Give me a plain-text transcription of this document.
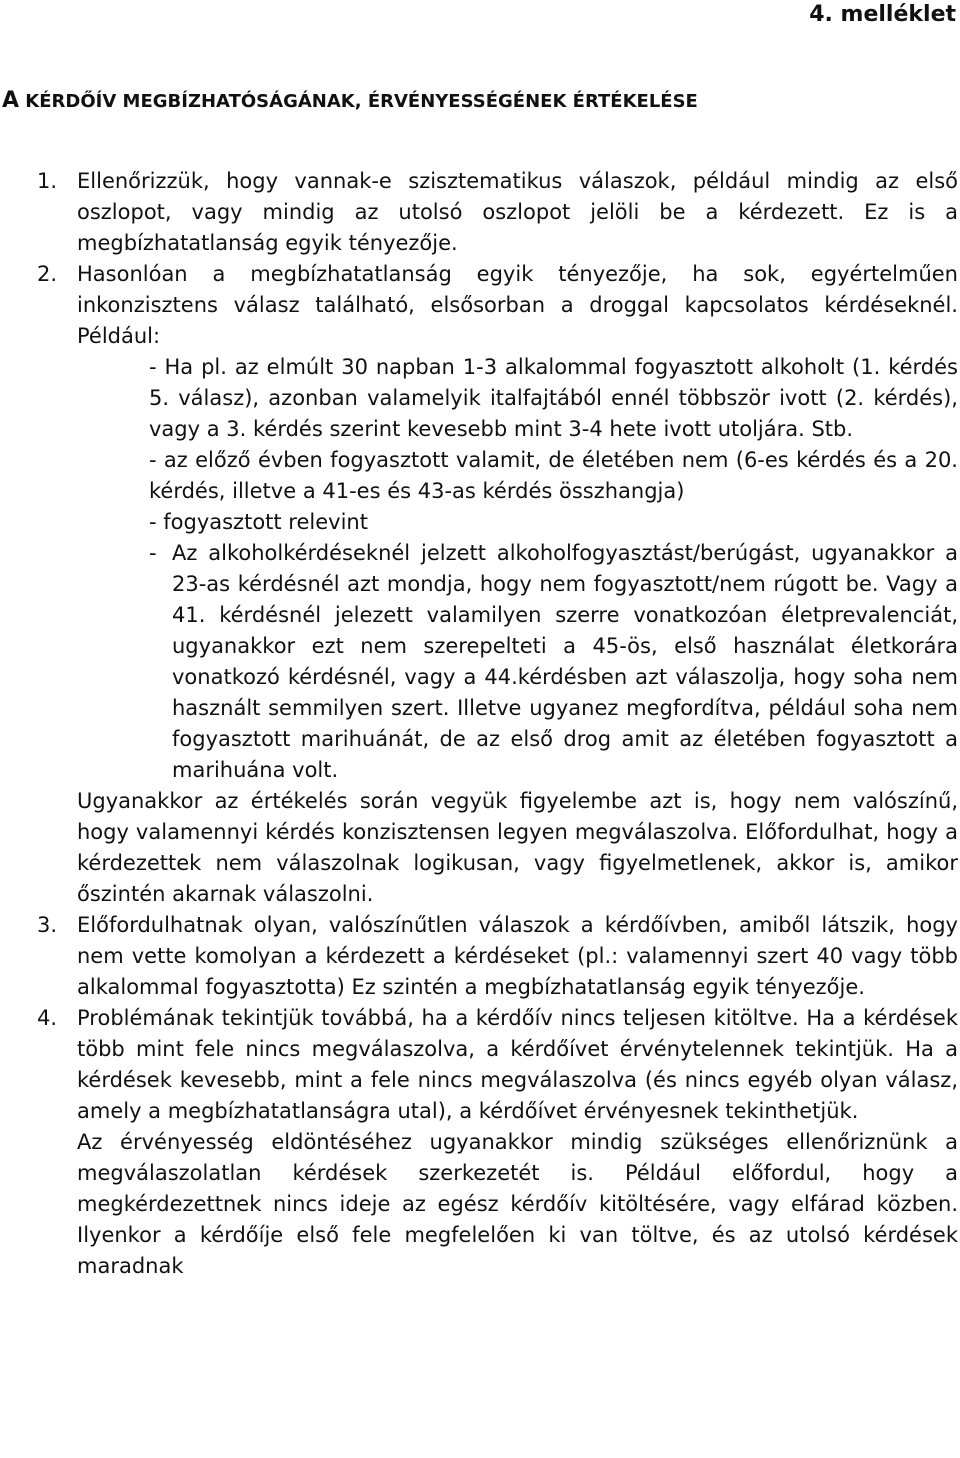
4. melléklet
A KÉRDŐÍV MEGBÍZHATÓSÁGÁNAK, ÉRVÉNYESSÉGÉNEK ÉRTÉKELÉSE
1. Ellenőrizzük, hogy vannak-e szisztematikus válaszok, például mindig az első oszlopot, vagy mindig az utolsó oszlopot jelöli be a kérdezett. Ez is a megbízhatatlanság egyik tényezője.
2. Hasonlóan a megbízhatatlanság egyik tényezője, ha sok, egyértelműen inkonzisztens válasz található, elsősorban a droggal kapcsolatos kérdéseknél. Például:
- Ha pl. az elmúlt 30 napban 1-3 alkalommal fogyasztott alkoholt (1. kérdés 5. válasz), azonban valamelyik italfajtából ennél többször ivott (2. kérdés), vagy a 3. kérdés szerint kevesebb mint 3-4 hete ivott utoljára. Stb.
- az előző évben fogyasztott valamit, de életében nem (6-es kérdés és a 20. kérdés, illetve a 41-es és 43-as kérdés összhangja)
- fogyasztott relevint
- Az alkoholkérdéseknél jelzett alkoholfogyasztást/berúgást, ugyanakkor a 23-as kérdésnél azt mondja, hogy nem fogyasztott/nem rúgott be. Vagy a 41. kérdésnél jelezett valamilyen szerre vonatkozóan életprevalenciát, ugyanakkor ezt nem szerepelteti a 45-ös, első használat életkorára vonatkozó kérdésnél, vagy a 44.kérdésben azt válaszolja, hogy soha nem használt semmilyen szert. Illetve ugyanez megfordítva, például soha nem fogyasztott marihuánát, de az első drog amit az életében fogyasztott a marihuána volt.
Ugyanakkor az értékelés során vegyük figyelembe azt is, hogy nem valószínű, hogy valamennyi kérdés konzisztensen legyen megválaszolva. Előfordulhat, hogy a kérdezettek nem válaszolnak logikusan, vagy figyelmetlenek, akkor is, amikor őszintén akarnak válaszolni.
3. Előfordulhatnak olyan, valószínűtlen válaszok a kérdőívben, amiből látszik, hogy nem vette komolyan a kérdezett a kérdéseket (pl.: valamennyi szert 40 vagy több alkalommal fogyasztotta) Ez szintén a megbízhatatlanság egyik tényezője.
4. Problémának tekintjük továbbá, ha a kérdőív nincs teljesen kitöltve. Ha a kérdések több mint fele nincs megválaszolva, a kérdőívet érvénytelennek tekintjük. Ha a kérdések kevesebb, mint a fele nincs megválaszolva (és nincs egyéb olyan válasz, amely a megbízhatatlanságra utal), a kérdőívet érvényesnek tekinthetjük.
Az érvényesség eldöntéséhez ugyanakkor mindig szükséges ellenőriznünk a megválaszolatlan kérdések szerkezetét is. Például előfordul, hogy a megkérdezettnek nincs ideje az egész kérdőív kitöltésére, vagy elfárad közben. Ilyenkor a kérdőíje első fele megfelelően ki van töltve, és az utolsó kérdések maradnak
